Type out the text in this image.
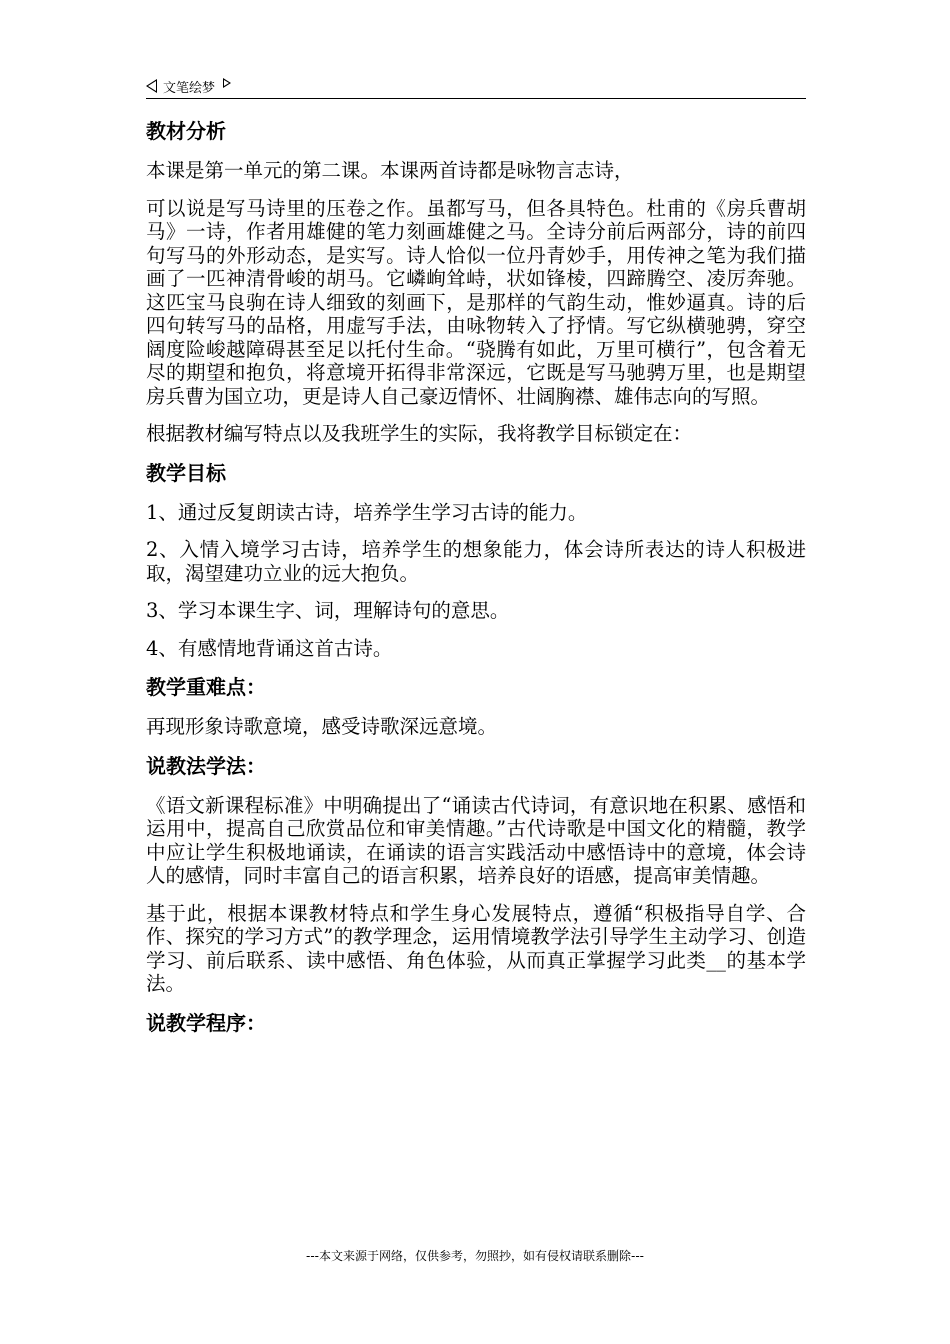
文笔绘梦
教材分析

本课是第一单元的第二课。本课两首诗都是咏物言志诗，

可以说是写马诗里的压卷之作。虽都写马，但各具特色。杜甫的《房兵曹胡马》一诗，作者用雄健的笔力刻画雄健之马。全诗分前后两部分，诗的前四句写马的外形动态，是实写。诗人恰似一位丹青妙手，用传神之笔为我们描画了一匹神清骨峻的胡马。它嶙峋耸峙，状如锋棱，四蹄腾空、凌厉奔驰。这匹宝马良驹在诗人细致的刻画下，是那样的气韵生动，惟妙逼真。诗的后四句转写马的品格，用虚写手法，由咏物转入了抒情。写它纵横驰骋，穿空阔度险峻越障碍甚至足以托付生命。“骁腾有如此，万里可横行”，包含着无尽的期望和抱负，将意境开拓得非常深远，它既是写马驰骋万里，也是期望房兵曹为国立功，更是诗人自己豪迈情怀、壮阔胸襟、雄伟志向的写照。

根据教材编写特点以及我班学生的实际，我将教学目标锁定在：

教学目标

1、通过反复朗读古诗，培养学生学习古诗的能力。

2、入情入境学习古诗，培养学生的想象能力，体会诗所表达的诗人积极进取，渴望建功立业的远大抱负。

3、学习本课生字、词，理解诗句的意思。

4、有感情地背诵这首古诗。

教学重难点：

再现形象诗歌意境，感受诗歌深远意境。

说教法学法：

《语文新课程标准》中明确提出了“诵读古代诗词，有意识地在积累、感悟和运用中，提高自己欣赏品位和审美情趣。”古代诗歌是中国文化的精髓，教学中应让学生积极地诵读，在诵读的语言实践活动中感悟诗中的意境，体会诗人的感情，同时丰富自己的语言积累，培养良好的语感，提高审美情趣。

基于此，根据本课教材特点和学生身心发展特点，遵循“积极指导自学、合作、探究的学习方式”的教学理念，运用情境教学法引导学生主动学习、创造学习、前后联系、读中感悟、角色体验，从而真正掌握学习此类__的基本学法。

说教学程序：
---本文来源于网络，仅供参考，勿照抄，如有侵权请联系删除---
